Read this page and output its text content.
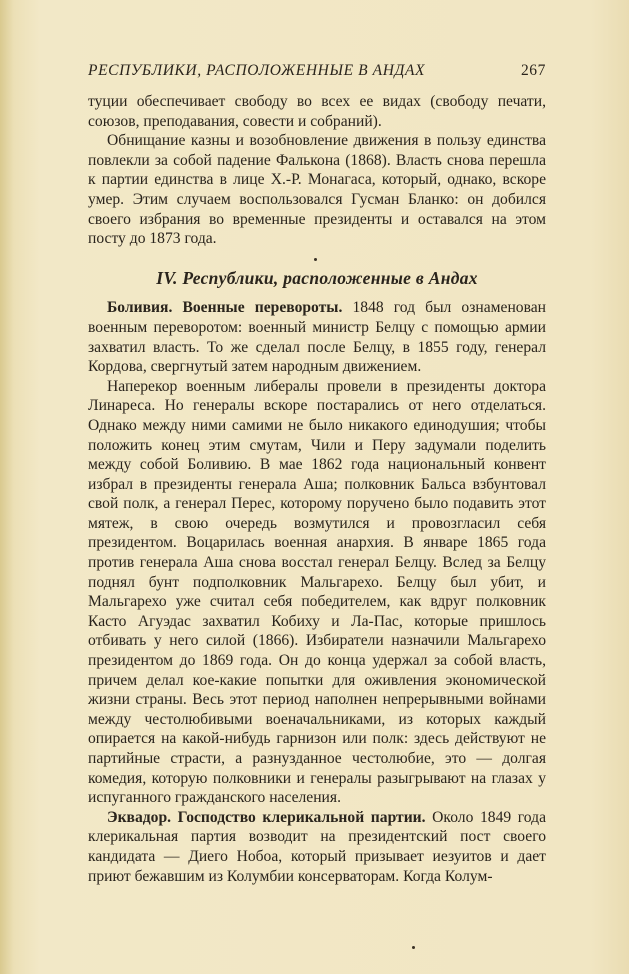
РЕСПУБЛИКИ, РАСПОЛОЖЕННЫЕ В АНДАХ	267

туции обеспечивает свободу во всех ее видах (свободу печати, союзов, преподавания, совести и собраний).

Обнищание казны и возобновление движения в пользу единства повлекли за собой падение Фалькона (1868). Власть снова перешла к партии единства в лице Х.-Р. Монагаса, который, однако, вскоре умер. Этим случаем воспользовался Гусман Бланко: он добился своего избрания во временные президенты и оставался на этом посту до 1873 года.

IV. Республики, расположенные в Андах

Боливия. Военные перевороты. 1848 год был ознаменован военным переворотом: военный министр Белцу с помощью армии захватил власть. То же сделал после Белцу, в 1855 году, генерал Кордова, свергнутый затем народным движением.

Наперекор военным либералы провели в президенты доктора Линареса. Но генералы вскоре постарались от него отделаться. Однако между ними самими не было никакого единодушия; чтобы положить конец этим смутам, Чили и Перу задумали поделить между собой Боливию. В мае 1862 года национальный конвент избрал в президенты генерала Аша; полковник Бальса взбунтовал свой полк, а генерал Перес, которому поручено было подавить этот мятеж, в свою очередь возмутился и провозгласил себя президентом. Воцарилась военная анархия. В январе 1865 года против генерала Аша снова восстал генерал Белцу. Вслед за Белцу поднял бунт подполковник Мальгарехо. Белцу был убит, и Мальгарехо уже считал себя победителем, как вдруг полковник Касто Агуэдас захватил Кобиху и Ла-Пас, которые пришлось отбивать у него силой (1866). Избиратели назначили Мальгарехо президентом до 1869 года. Он до конца удержал за собой власть, причем делал кое-какие попытки для оживления экономической жизни страны. Весь этот период наполнен непрерывными войнами между честолюбивыми военачальниками, из которых каждый опирается на какой-нибудь гарнизон или полк: здесь действуют не партийные страсти, а разнузданное честолюбие, это — долгая комедия, которую полковники и генералы разыгрывают на глазах у испуганного гражданского населения.

Эквадор. Господство клерикальной партии. Около 1849 года клерикальная партия возводит на президентский пост своего кандидата — Диего Нобоа, который призывает иезуитов и дает приют бежавшим из Колумбии консерваторам. Когда Колум-
